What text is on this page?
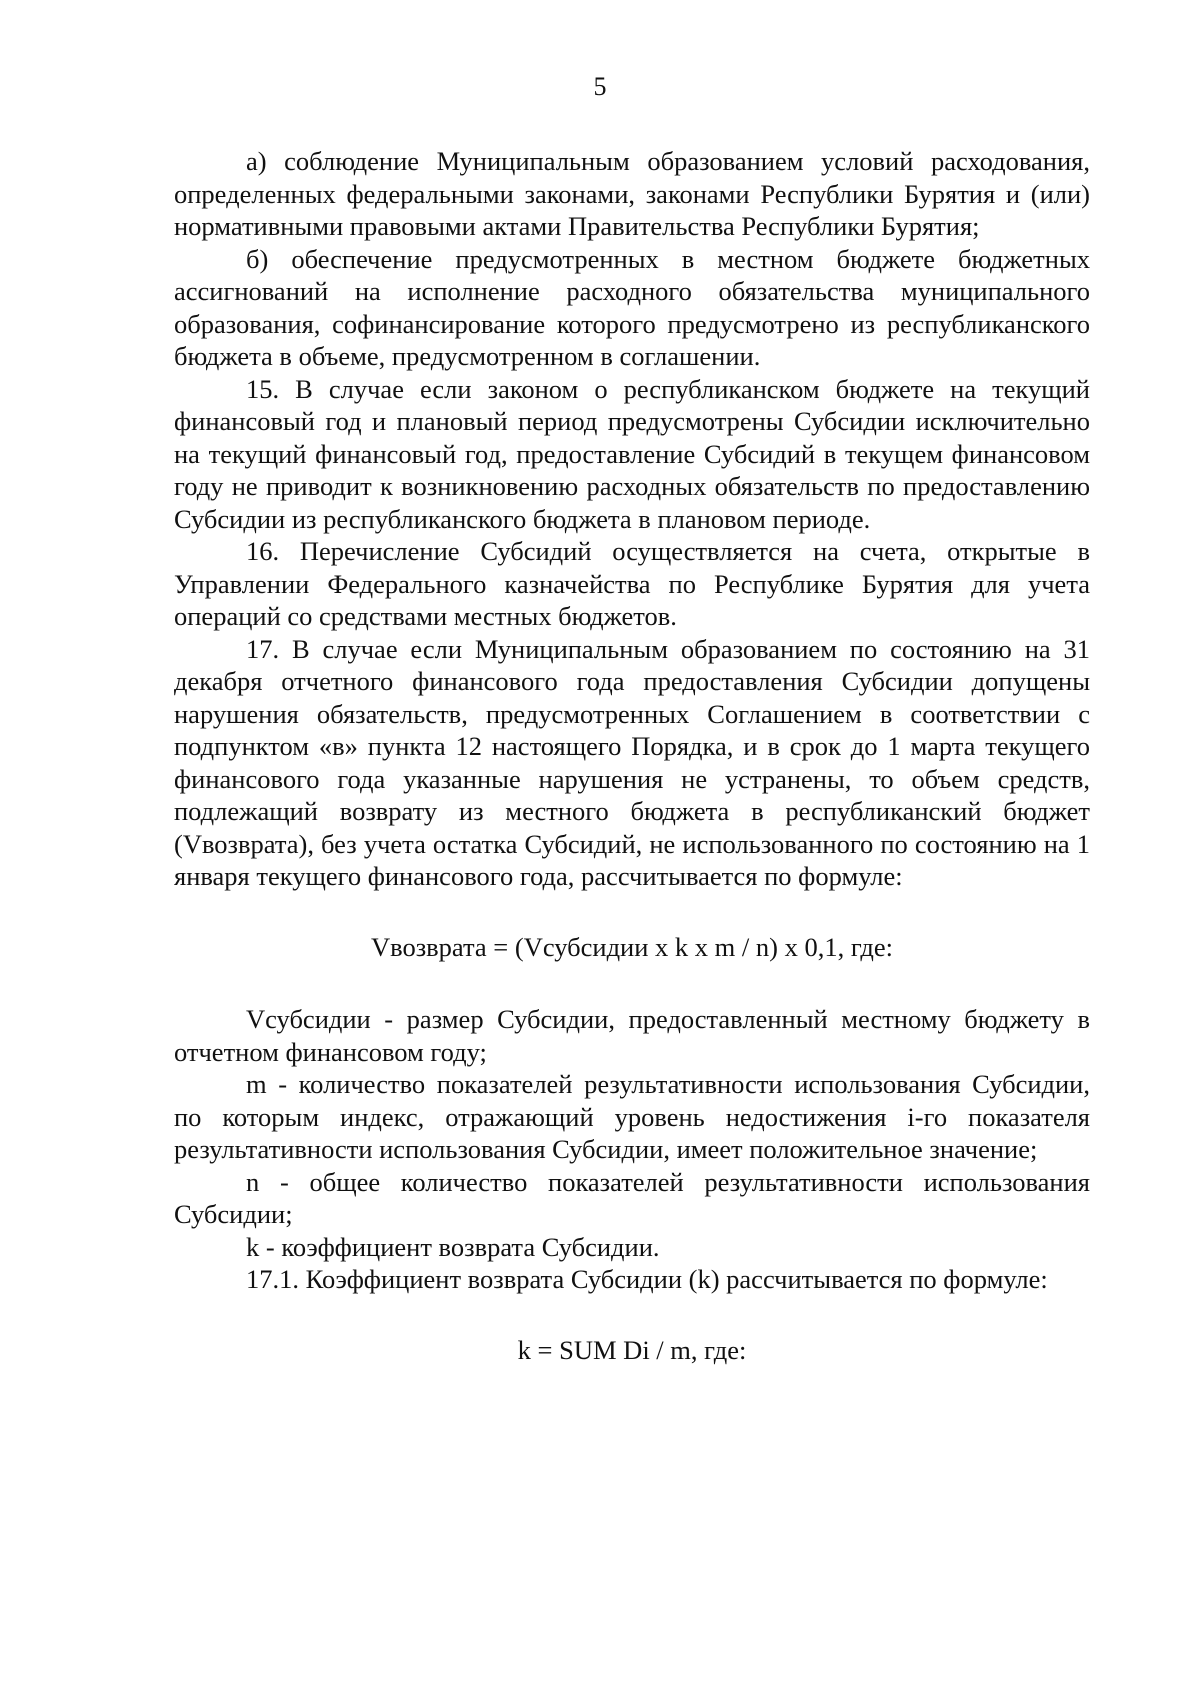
5

а) соблюдение Муниципальным образованием условий расходования, определенных федеральными законами, законами Республики Бурятия и (или) нормативными правовыми актами Правительства Республики Бурятия;

б) обеспечение предусмотренных в местном бюджете бюджетных ассигнований на исполнение расходного обязательства муниципального образования, софинансирование которого предусмотрено из республиканского бюджета в объеме, предусмотренном в соглашении.

15. В случае если законом о республиканском бюджете на текущий финансовый год и плановый период предусмотрены Субсидии исключительно на текущий финансовый год, предоставление Субсидий в текущем финансовом году не приводит к возникновению расходных обязательств по предоставлению Субсидии из республиканского бюджета в плановом периоде.

16. Перечисление Субсидий осуществляется на счета, открытые в Управлении Федерального казначейства по Республике Бурятия для учета операций со средствами местных бюджетов.

17. В случае если Муниципальным образованием по состоянию на 31 декабря отчетного финансового года предоставления Субсидии допущены нарушения обязательств, предусмотренных Соглашением в соответствии с подпунктом «в» пункта 12 настоящего Порядка, и в срок до 1 марта текущего финансового года указанные нарушения не устранены, то объем средств, подлежащий возврату из местного бюджета в республиканский бюджет (Vвозврата), без учета остатка Субсидий, не использованного по состоянию на 1 января текущего финансового года, рассчитывается по формуле:

Vвозврата = (Vсубсидии x k x m / n) x 0,1, где:

Vсубсидии - размер Субсидии, предоставленный местному бюджету в отчетном финансовом году;

m - количество показателей результативности использования Субсидии, по которым индекс, отражающий уровень недостижения i-го показателя результативности использования Субсидии, имеет положительное значение;

n - общее количество показателей результативности использования Субсидии;

k - коэффициент возврата Субсидии.

17.1. Коэффициент возврата Субсидии (k) рассчитывается по формуле:

k = SUM Di / m, где:
